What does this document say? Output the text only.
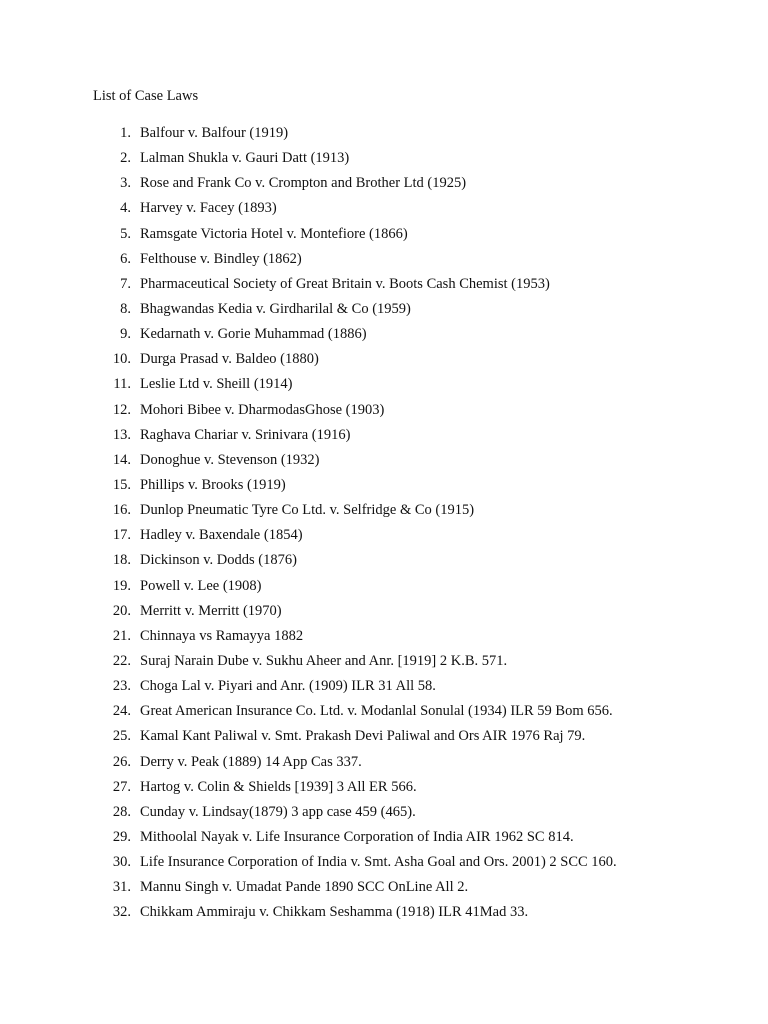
List of Case Laws
1. Balfour v. Balfour (1919)
2. Lalman Shukla v. Gauri Datt (1913)
3. Rose and Frank Co v. Crompton and Brother Ltd (1925)
4. Harvey v. Facey (1893)
5. Ramsgate Victoria Hotel v. Montefiore (1866)
6. Felthouse v. Bindley (1862)
7. Pharmaceutical Society of Great Britain v. Boots Cash Chemist (1953)
8. Bhagwandas Kedia v. Girdharilal & Co (1959)
9. Kedarnath v. Gorie Muhammad (1886)
10. Durga Prasad v. Baldeo (1880)
11. Leslie Ltd v. Sheill (1914)
12. Mohori Bibee v. DharmodasGhose (1903)
13. Raghava Chariar v. Srinivara (1916)
14. Donoghue v. Stevenson (1932)
15. Phillips v. Brooks (1919)
16. Dunlop Pneumatic Tyre Co Ltd. v. Selfridge & Co (1915)
17. Hadley v. Baxendale (1854)
18. Dickinson v. Dodds (1876)
19. Powell v. Lee (1908)
20. Merritt v. Merritt (1970)
21. Chinnaya vs Ramayya 1882
22. Suraj Narain Dube v. Sukhu Aheer and Anr. [1919] 2 K.B. 571.
23. Choga Lal v. Piyari and Anr. (1909) ILR 31 All 58.
24. Great American Insurance Co. Ltd. v. Modanlal Sonulal (1934) ILR 59 Bom 656.
25. Kamal Kant Paliwal v. Smt. Prakash Devi Paliwal and Ors AIR 1976 Raj 79.
26. Derry v. Peak (1889) 14 App Cas 337.
27. Hartog v. Colin & Shields [1939] 3 All ER 566.
28. Cunday v. Lindsay(1879) 3 app case 459 (465).
29. Mithoolal Nayak v. Life Insurance Corporation of India AIR 1962 SC 814.
30. Life Insurance Corporation of India v. Smt. Asha Goal and Ors. 2001) 2 SCC 160.
31. Mannu Singh v. Umadat Pande 1890 SCC OnLine All 2.
32. Chikkam Ammiraju v. Chikkam Seshamma (1918) ILR 41Mad 33.
